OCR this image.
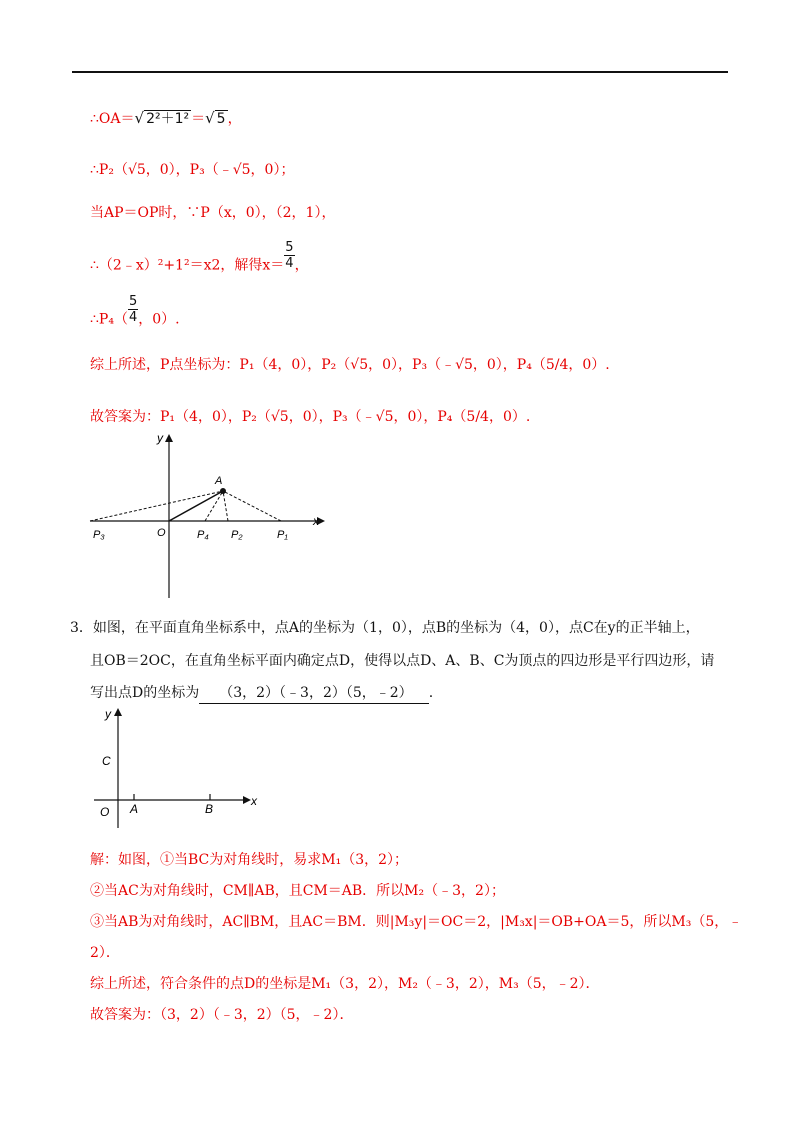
∴OA＝√ 2²＋1² ＝√ 5 ，
∴P₂（√5，0），P₃（﹣√5，0）；
当AP＝OP时，∵P（x，0），（2，1），
∴（2﹣x）²+1²＝x2，解得$x= \frac{5}{4}$ ，
∴P₄（ $\frac{5}{4}$ ，0）.
综上所述，P点坐标为：P₁（4，0），P₂（√5，0），P₃（﹣√5，0），P₄（5/4，0）.
故答案为：P₁（4，0），P₂（√5，0），P₃（﹣√5，0），P₄（5/4，0）.
y
x
A
O
P₃	P₄ P₂	P₁
3．如图，在平面直角坐标系中，点A的坐标为（1，0），点B的坐标为（4，0），点C在y的正半轴上，
且OB＝2OC，在直角坐标平面内确定点D，使得以点D、A、B、C为顶点的四边形是平行四边形，请
写出点D的坐标为 （3，2）（﹣3，2）（5，﹣2） .
y
x
C
O A	B
解：如图，①当BC为对角线时，易求M₁（3，2）；
②当AC为对角线时，CM∥AB，且CM＝AB．所以M₂（﹣3，2）；
③当AB为对角线时，AC∥BM，且AC＝BM．则|M₃y|＝OC＝2，|M₃x|＝OB+OA＝5，所以M₃（5，﹣
2）．
综上所述，符合条件的点D的坐标是M₁（3，2），M₂（﹣3，2），M₃（5，﹣2）．
故答案为：（3，2）（﹣3，2）（5，﹣2）．
